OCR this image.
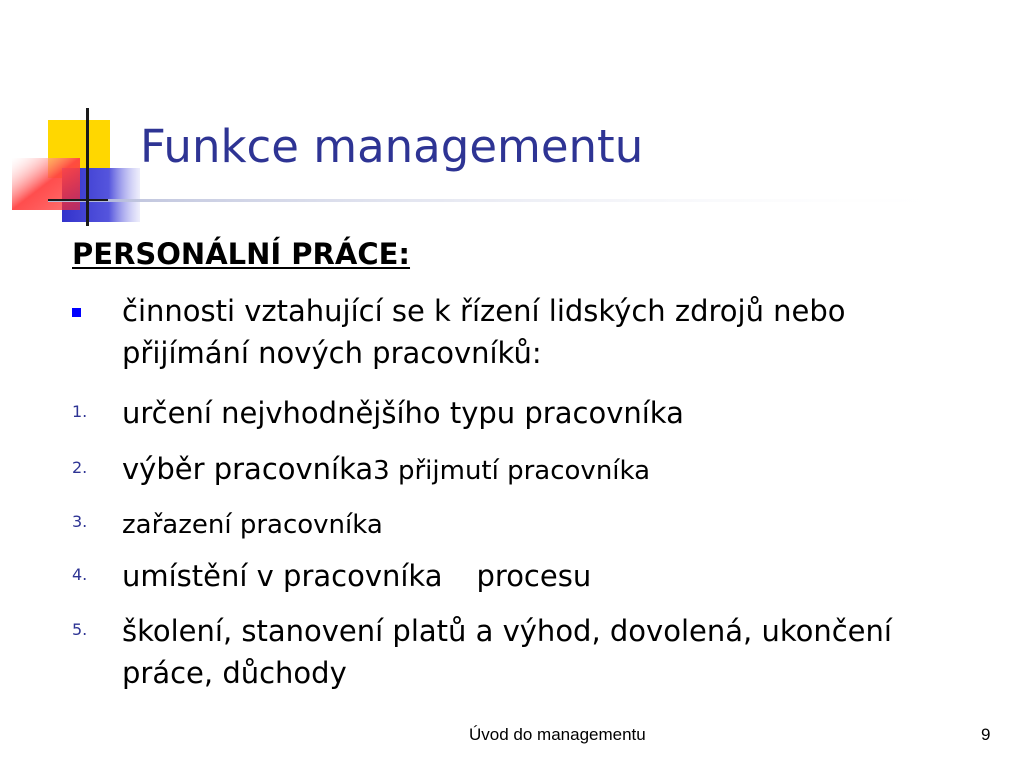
Funkce managementu
PERSONÁLNÍ PRÁCE:
činnosti vztahující se k řízení lidských zdrojů nebo přijímání nových pracovníků:
1. určení nejvhodnějšího typu pracovníka
2. výběr pracovníka3 přijmutí pracovníka
3. zařazení pracovníka
4. umístění v pracovníka procesu
5. školení, stanovení platů a výhod, dovolená, ukončení práce, důchody
Úvod do managementu	9
